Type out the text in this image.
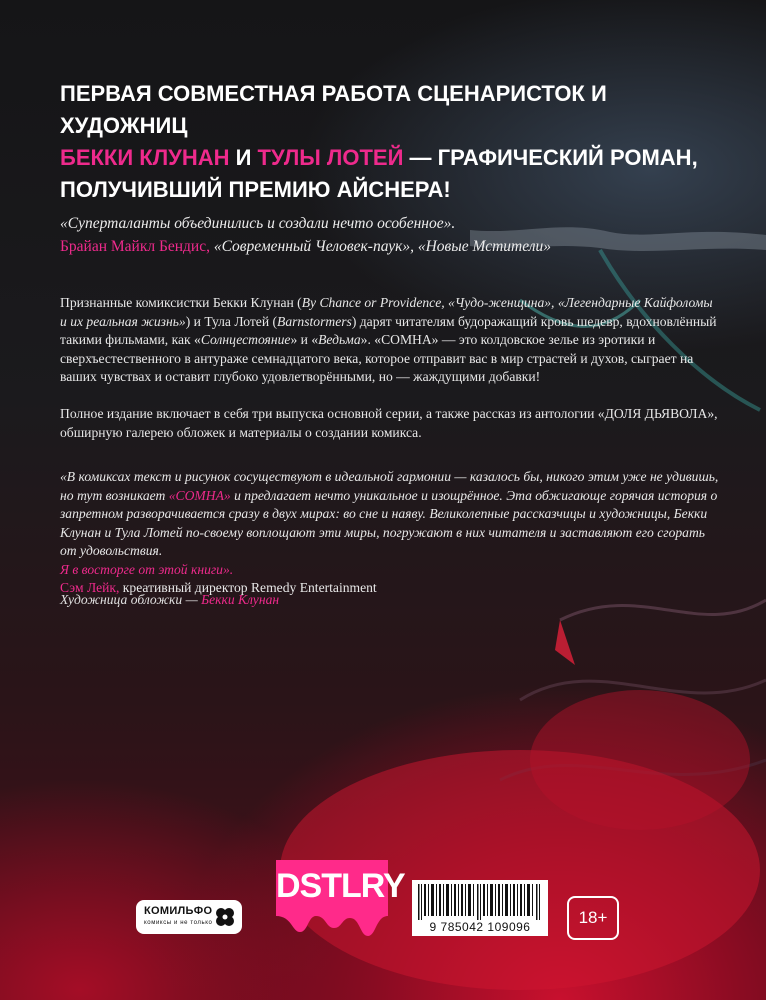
ПЕРВАЯ СОВМЕСТНАЯ РАБОТА СЦЕНАРИСТОК И ХУДОЖНИЦ
БЕККИ КЛУНАН И ТУЛЫ ЛОТЕЙ — ГРАФИЧЕСКИЙ РОМАН,
ПОЛУЧИВШИЙ ПРЕМИЮ АЙСНЕРА!
«Суперталанты объединились и создали нечто особенное».
Брайан Майкл Бендис, «Современный Человек-паук», «Новые Мстители»
Признанные комиксистки Бекки Клунан (By Chance or Providence, «Чудо-женщина», «Легендарные Кайфоломы и их реальная жизнь») и Тула Лотей (Barnstormers) дарят читателям будоражащий кровь шедевр, вдохновлённый такими фильмами, как «Солнцестояние» и «Ведьма». «СОМНА» — это колдовское зелье из эротики и сверхъестественного в антураже семнадцатого века, которое отправит вас в мир страстей и духов, сыграет на ваших чувствах и оставит глубоко удовлетворёнными, но — жаждущими добавки!
Полное издание включает в себя три выпуска основной серии, а также рассказ из антологии «ДОЛЯ ДЬЯВОЛА», обширную галерею обложек и материалы о создании комикса.
«В комиксах текст и рисунок сосуществуют в идеальной гармонии — казалось бы, никого этим уже не удивишь, но тут возникает «СОМНА» и предлагает нечто уникальное и изощрённое. Эта обжигающе горячая история о запретном разворачивается сразу в двух мирах: во сне и наяву. Великолепные рассказчицы и художницы, Бекки Клунан и Тула Лотей по-своему воплощают эти миры, погружают в них читателя и заставляют его сгорать от удовольствия.
Я в восторге от этой книги».
Сэм Лейк, креативный директор Remedy Entertainment
Художница обложки — Бекки Клунан
КОМИЛЬФО
комиксы и не только
DSTLRY
9 785042 109096	18+
